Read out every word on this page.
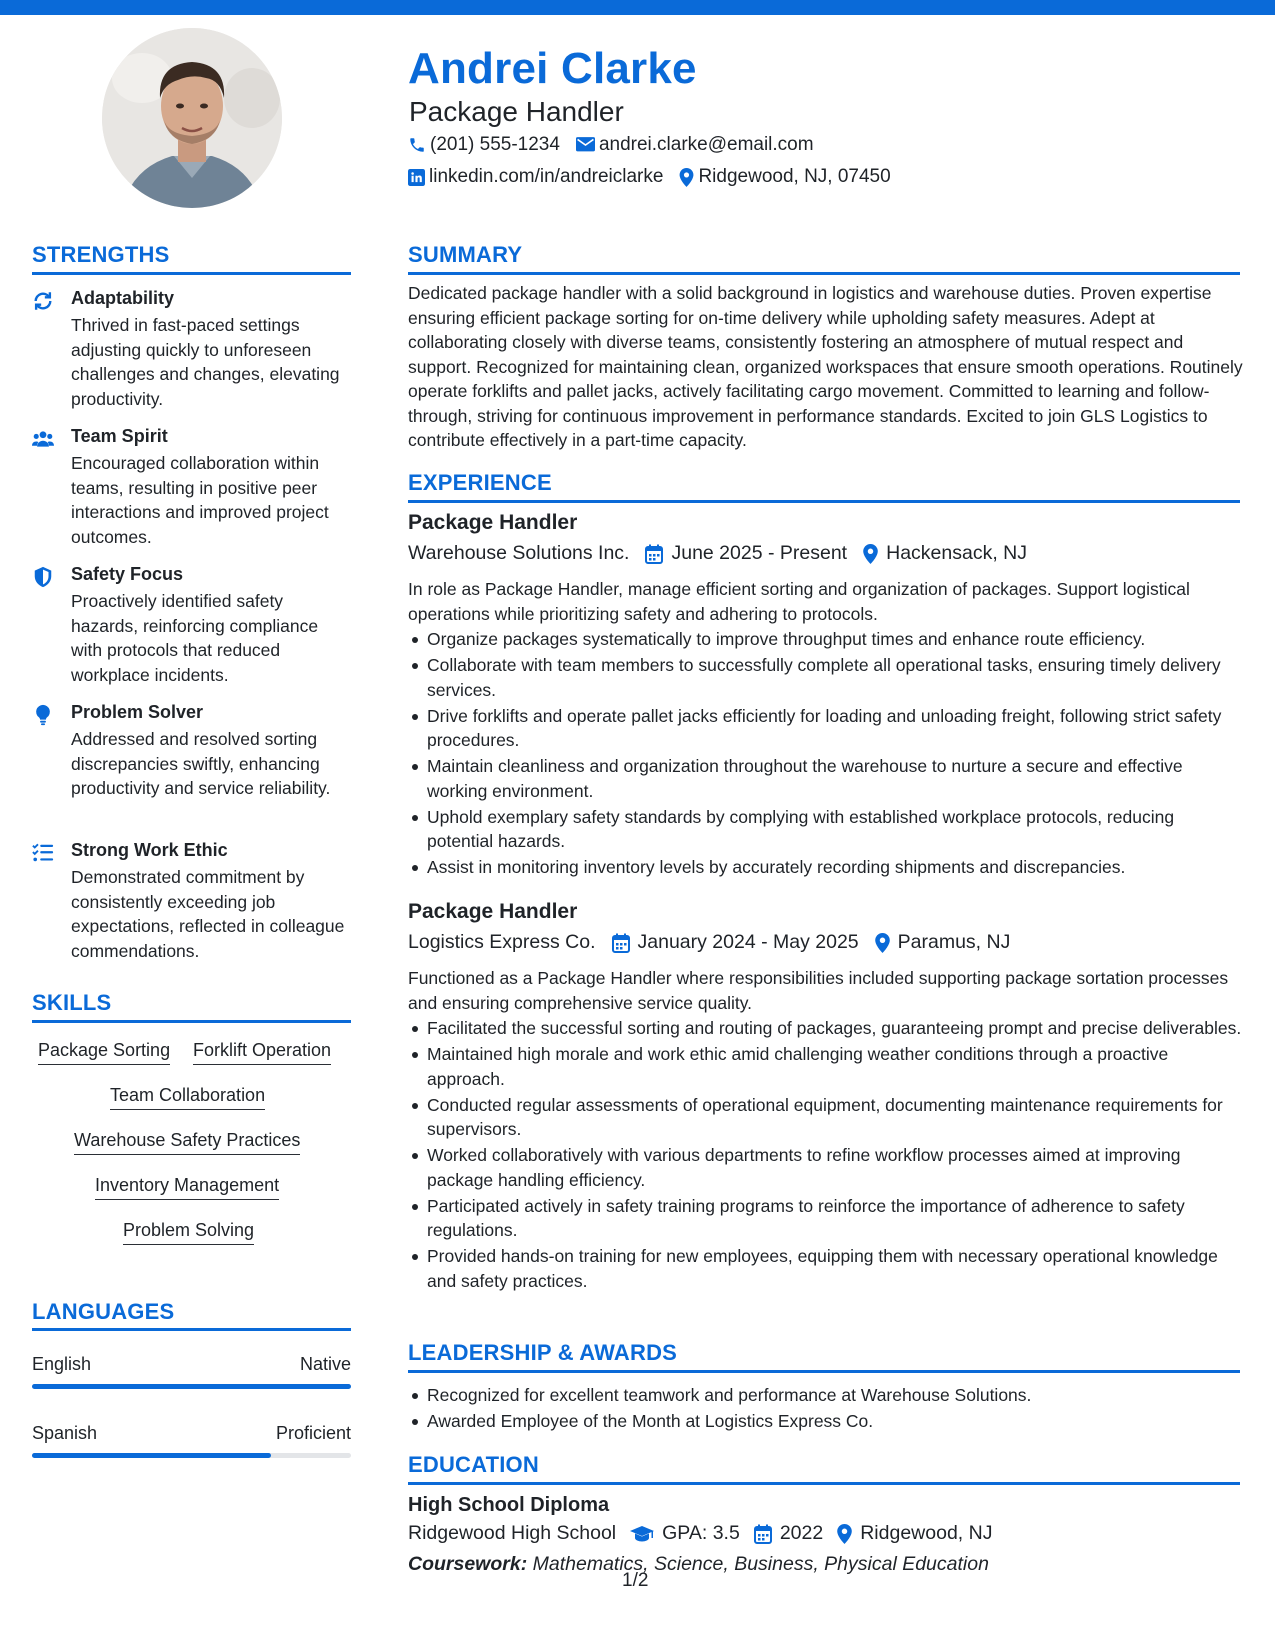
Andrei Clarke
Package Handler
(201) 555-1234 andrei.clarke@email.com
linkedin.com/in/andreiclarke Ridgewood, NJ, 07450
STRENGTHS
Adaptability
Thrived in fast-paced settings adjusting quickly to unforeseen challenges and changes, elevating productivity.
Team Spirit
Encouraged collaboration within teams, resulting in positive peer interactions and improved project outcomes.
Safety Focus
Proactively identified safety hazards, reinforcing compliance with protocols that reduced workplace incidents.
Problem Solver
Addressed and resolved sorting discrepancies swiftly, enhancing productivity and service reliability.
Strong Work Ethic
Demonstrated commitment by consistently exceeding job expectations, reflected in colleague commendations.
SKILLS
Package Sorting Forklift Operation
Team Collaboration
Warehouse Safety Practices
Inventory Management
Problem Solving
LANGUAGES
English	Native
Spanish	Proficient
SUMMARY
Dedicated package handler with a solid background in logistics and warehouse duties. Proven expertise ensuring efficient package sorting for on-time delivery while upholding safety measures. Adept at collaborating closely with diverse teams, consistently fostering an atmosphere of mutual respect and support. Recognized for maintaining clean, organized workspaces that ensure smooth operations. Routinely operate forklifts and pallet jacks, actively facilitating cargo movement. Committed to learning and follow-through, striving for continuous improvement in performance standards. Excited to join GLS Logistics to contribute effectively in a part-time capacity.
EXPERIENCE
Package Handler
Warehouse Solutions Inc. June 2025 - Present Hackensack, NJ
In role as Package Handler, manage efficient sorting and organization of packages. Support logistical operations while prioritizing safety and adhering to protocols.
Organize packages systematically to improve throughput times and enhance route efficiency.
Collaborate with team members to successfully complete all operational tasks, ensuring timely delivery services.
Drive forklifts and operate pallet jacks efficiently for loading and unloading freight, following strict safety procedures.
Maintain cleanliness and organization throughout the warehouse to nurture a secure and effective working environment.
Uphold exemplary safety standards by complying with established workplace protocols, reducing potential hazards.
Assist in monitoring inventory levels by accurately recording shipments and discrepancies.
Package Handler
Logistics Express Co. January 2024 - May 2025 Paramus, NJ
Functioned as a Package Handler where responsibilities included supporting package sortation processes and ensuring comprehensive service quality.
Facilitated the successful sorting and routing of packages, guaranteeing prompt and precise deliverables.
Maintained high morale and work ethic amid challenging weather conditions through a proactive approach.
Conducted regular assessments of operational equipment, documenting maintenance requirements for supervisors.
Worked collaboratively with various departments to refine workflow processes aimed at improving package handling efficiency.
Participated actively in safety training programs to reinforce the importance of adherence to safety regulations.
Provided hands-on training for new employees, equipping them with necessary operational knowledge and safety practices.
LEADERSHIP & AWARDS
Recognized for excellent teamwork and performance at Warehouse Solutions.
Awarded Employee of the Month at Logistics Express Co.
EDUCATION
High School Diploma
Ridgewood High School GPA: 3.5 2022 Ridgewood, NJ
Coursework: Mathematics, Science, Business, Physical Education
1/2
